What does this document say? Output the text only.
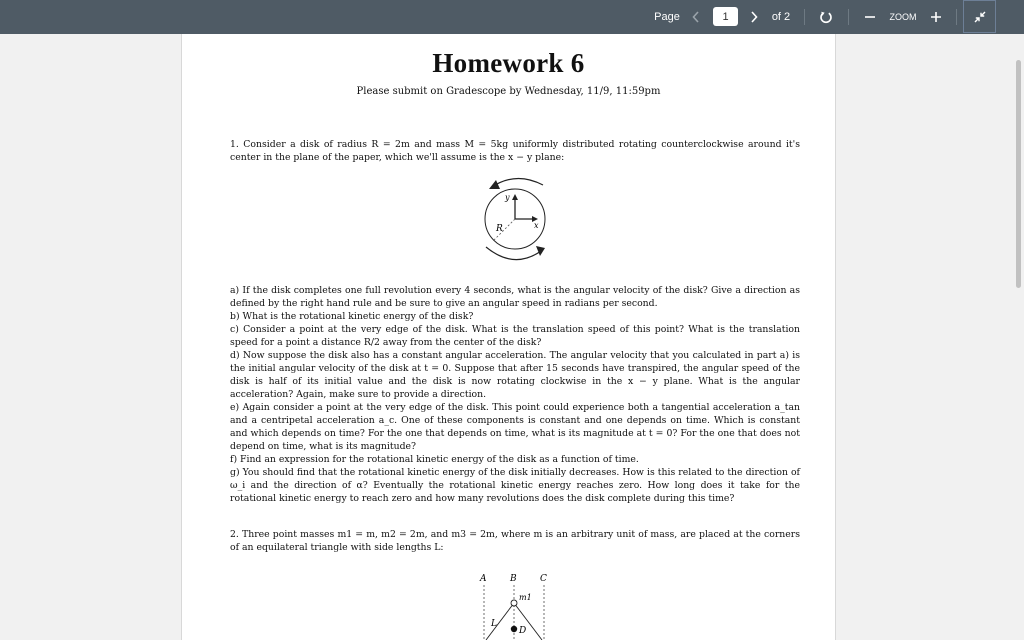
Page
1	of 2	ZOOM
Homework 6
Please submit on Gradescope by Wednesday, 11/9, 11:59pm

1. Consider a disk of radius R = 2m and mass M = 5kg uniformly distributed rotating counterclockwise around it's center in the plane of the paper, which we'll assume is the x − y plane:

y
x
R

a) If the disk completes one full revolution every 4 seconds, what is the angular velocity of the disk? Give a direction as defined by the right hand rule and be sure to give an angular speed in radians per second.

b) What is the rotational kinetic energy of the disk?

c) Consider a point at the very edge of the disk. What is the translation speed of this point? What is the translation speed for a point a distance R/2 away from the center of the disk?

d) Now suppose the disk also has a constant angular acceleration. The angular velocity that you calculated in part a) is the initial angular velocity of the disk at t = 0. Suppose that after 15 seconds have transpired, the angular speed of the disk is half of its initial value and the disk is now rotating clockwise in the x − y plane. What is the angular acceleration? Again, make sure to provide a direction.

e) Again consider a point at the very edge of the disk. This point could experience both a tangential acceleration a_tan and a centripetal acceleration a_c. One of these components is constant and one depends on time. Which is constant and which depends on time? For the one that depends on time, what is its magnitude at t = 0? For the one that does not depend on time, what is its magnitude?

f) Find an expression for the rotational kinetic energy of the disk as a function of time.

g) You should find that the rotational kinetic energy of the disk initially decreases. How is this related to the direction of ω_i and the direction of α? Eventually the rotational kinetic energy reaches zero. How long does it take for the rotational kinetic energy to reach zero and how many revolutions does the disk complete during this time?

2. Three point masses m1 = m, m2 = 2m, and m3 = 2m, where m is an arbitrary unit of mass, are placed at the corners of an equilateral triangle with side lengths L:

A	B	C
m1
L
D
